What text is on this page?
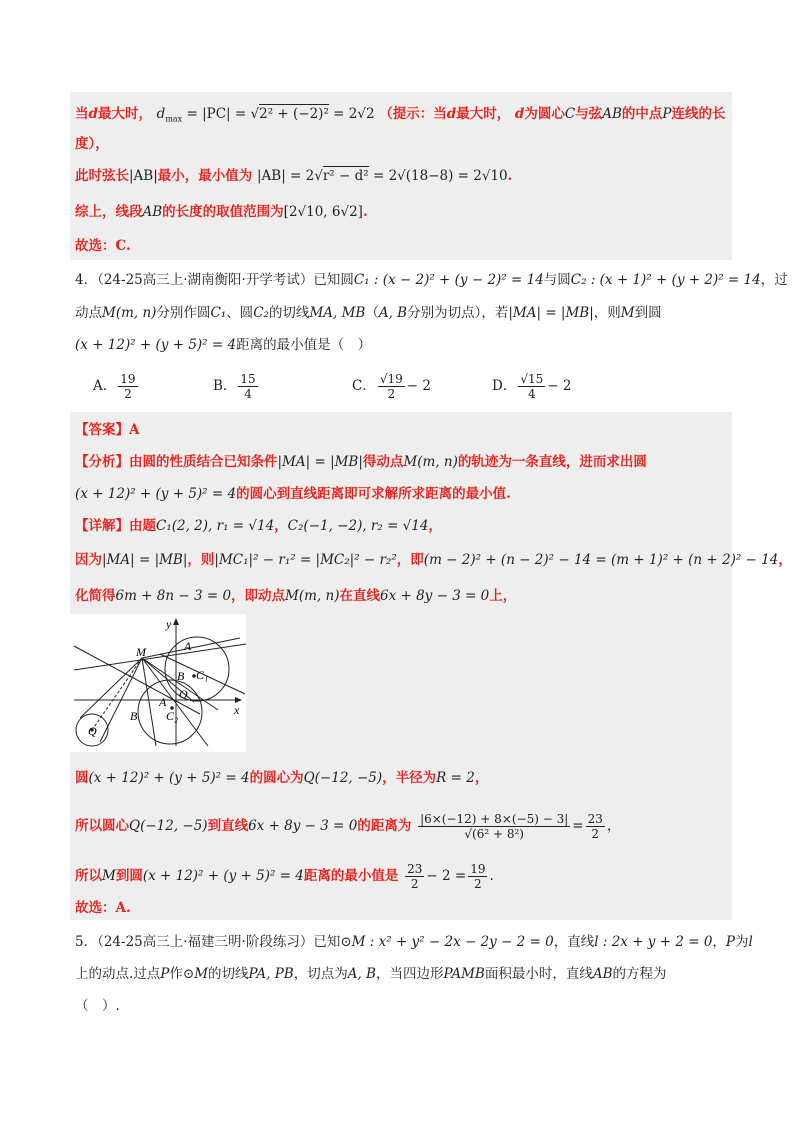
当d最大时， $d_{max} = |PC| = √2^2 + (-2)^2 = 2√2$ （提示：当d最大时， d为圆心C与弦AB的中点P连线的长
度），
此时弦长|AB|最小，最小值为 |AB| = 2√r² − d² = 2√(18−8) = 2√10.
综上，线段AB的长度的取值范围为[2√10, 6√2].
故选：C.
4．（24-25高三上·湖南衡阳·开学考试）已知圆C₁ : (x − 2)² + (y − 2)² = 14与圆C₂ : (x + 1)² + (y + 2)² = 14，过
动点M(m, n)分别作圆C₁、圆C₂的切线MA, MB（A, B分别为切点），若|MA| = |MB|，则M到圆
(x + 12)² + (y + 5)² = 4距离的最小值是（　）
A． $\frac{19}{2}$	B． $\frac{15}{4}$	C． $\frac{√19}{2} - 2$	D． $\frac{√15}{4} - 2$
【答案】A
【分析】由圆的性质结合已知条件|MA| = |MB|得动点M(m, n)的轨迹为一条直线，进而求出圆
(x + 12)² + (y + 5)² = 4的圆心到直线距离即可求解所求距离的最小值.
【详解】由题C₁(2, 2), r₁ = √14，C₂(−1, −2), r₂ = √14，
因为|MA| = |MB|，则|MC₁|² − r₁² = |MC₂|² − r₂²，即(m − 2)² + (n − 2)² − 14 = (m + 1)² + (n + 2)² − 14，
化简得6m + 8n − 3 = 0，即动点M(m, n)在直线6x + 8y − 3 = 0上，
y
x
M	A
B C₁
O
A
C₂
B
Q
圆(x + 12)² + (y + 5)² = 4的圆心为Q(−12, −5)，半径为R = 2，
所以圆心Q(−12, −5)到直线6x + 8y − 3 = 0的距离为 $\frac{|6\times(-12) + 8\times(-5) - 3|}{\text{√(6² + 8²)}} = \frac{23}{2}$ ，
所以M到圆(x + 12)² + (y + 5)² = 4距离的最小值是 $\frac{23}{2} - 2 = \frac{19}{2}$ .
故选：A.
5．（24-25高三上·福建三明·阶段练习）已知⊙M : x² + y² − 2x − 2y − 2 = 0，直线l : 2x + y + 2 = 0，P为l
上的动点.过点P作⊙M的切线PA, PB，切点为A, B，当四边形PAMB面积最小时，直线AB的方程为
（　）.
